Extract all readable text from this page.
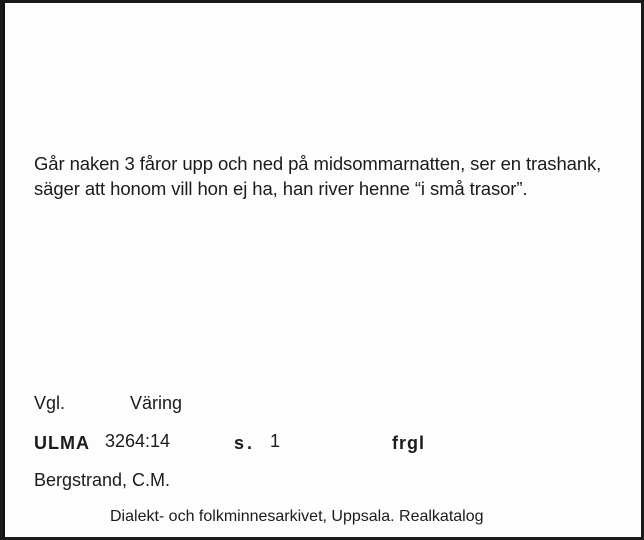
Går naken 3 fåror upp och ned på midsommarnatten, ser en trashank, säger att honom vill hon ej ha, han river henne “i små trasor”.
Vgl.	Väring
ULMA 3264:14	s. 1	frgl
Bergstrand, C.M.
Dialekt- och folkminnesarkivet, Uppsala. Realkatalog
